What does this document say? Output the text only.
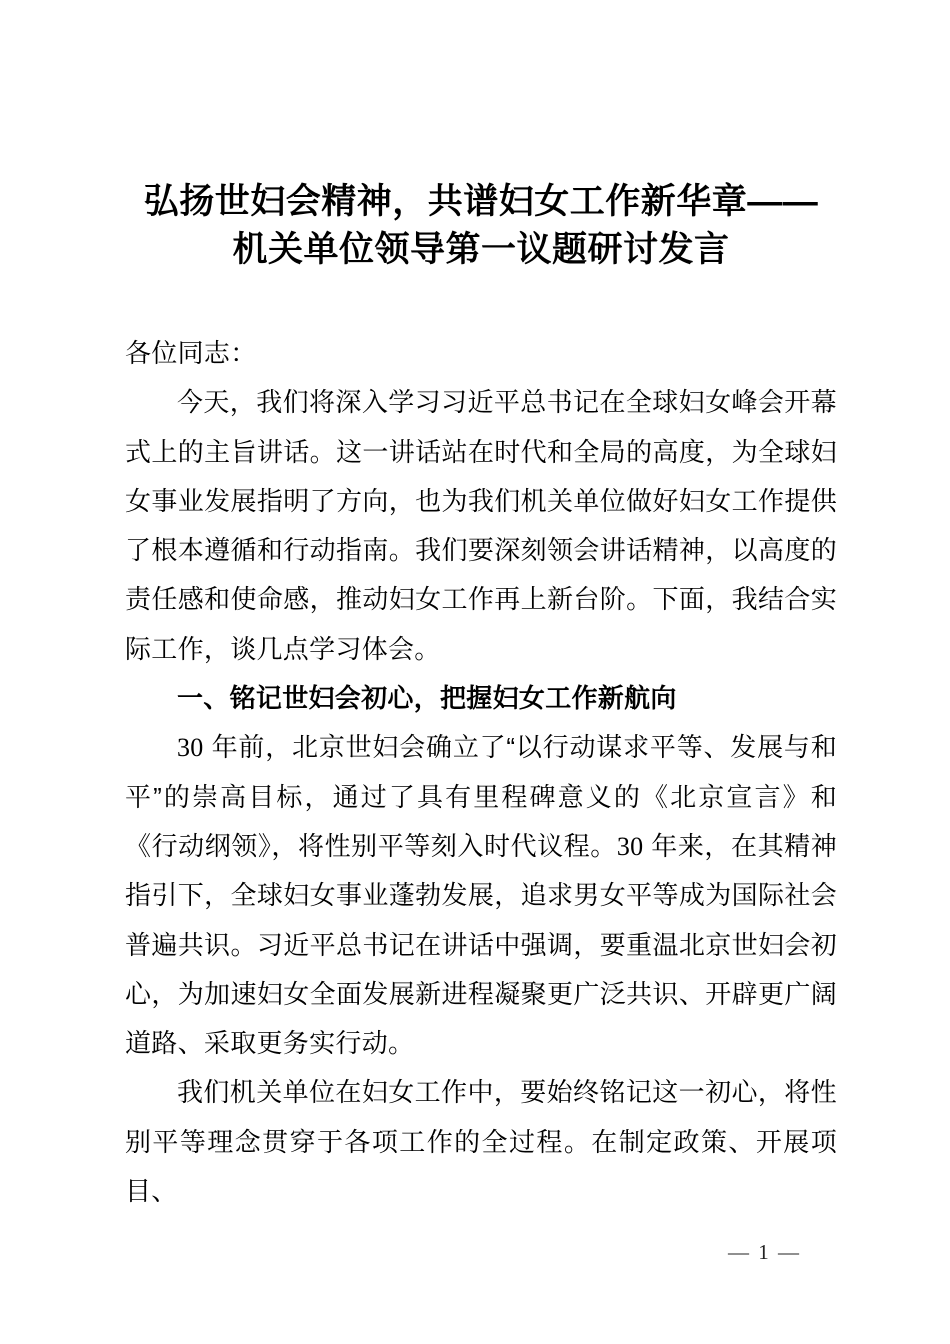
弘扬世妇会精神，共谱妇女工作新华章——
机关单位领导第一议题研讨发言

各位同志：

今天，我们将深入学习习近平总书记在全球妇女峰会开幕式上的主旨讲话。这一讲话站在时代和全局的高度，为全球妇女事业发展指明了方向，也为我们机关单位做好妇女工作提供了根本遵循和行动指南。我们要深刻领会讲话精神，以高度的责任感和使命感，推动妇女工作再上新台阶。下面，我结合实际工作，谈几点学习体会。

一、铭记世妇会初心，把握妇女工作新航向

30 年前，北京世妇会确立了“以行动谋求平等、发展与和平”的崇高目标，通过了具有里程碑意义的《北京宣言》和《行动纲领》，将性别平等刻入时代议程。30 年来，在其精神指引下，全球妇女事业蓬勃发展，追求男女平等成为国际社会普遍共识。习近平总书记在讲话中强调，要重温北京世妇会初心，为加速妇女全面发展新进程凝聚更广泛共识、开辟更广阔道路、采取更务实行动。

我们机关单位在妇女工作中，要始终铭记这一初心，将性别平等理念贯穿于各项工作的全过程。在制定政策、开展项目、

— 1 —
